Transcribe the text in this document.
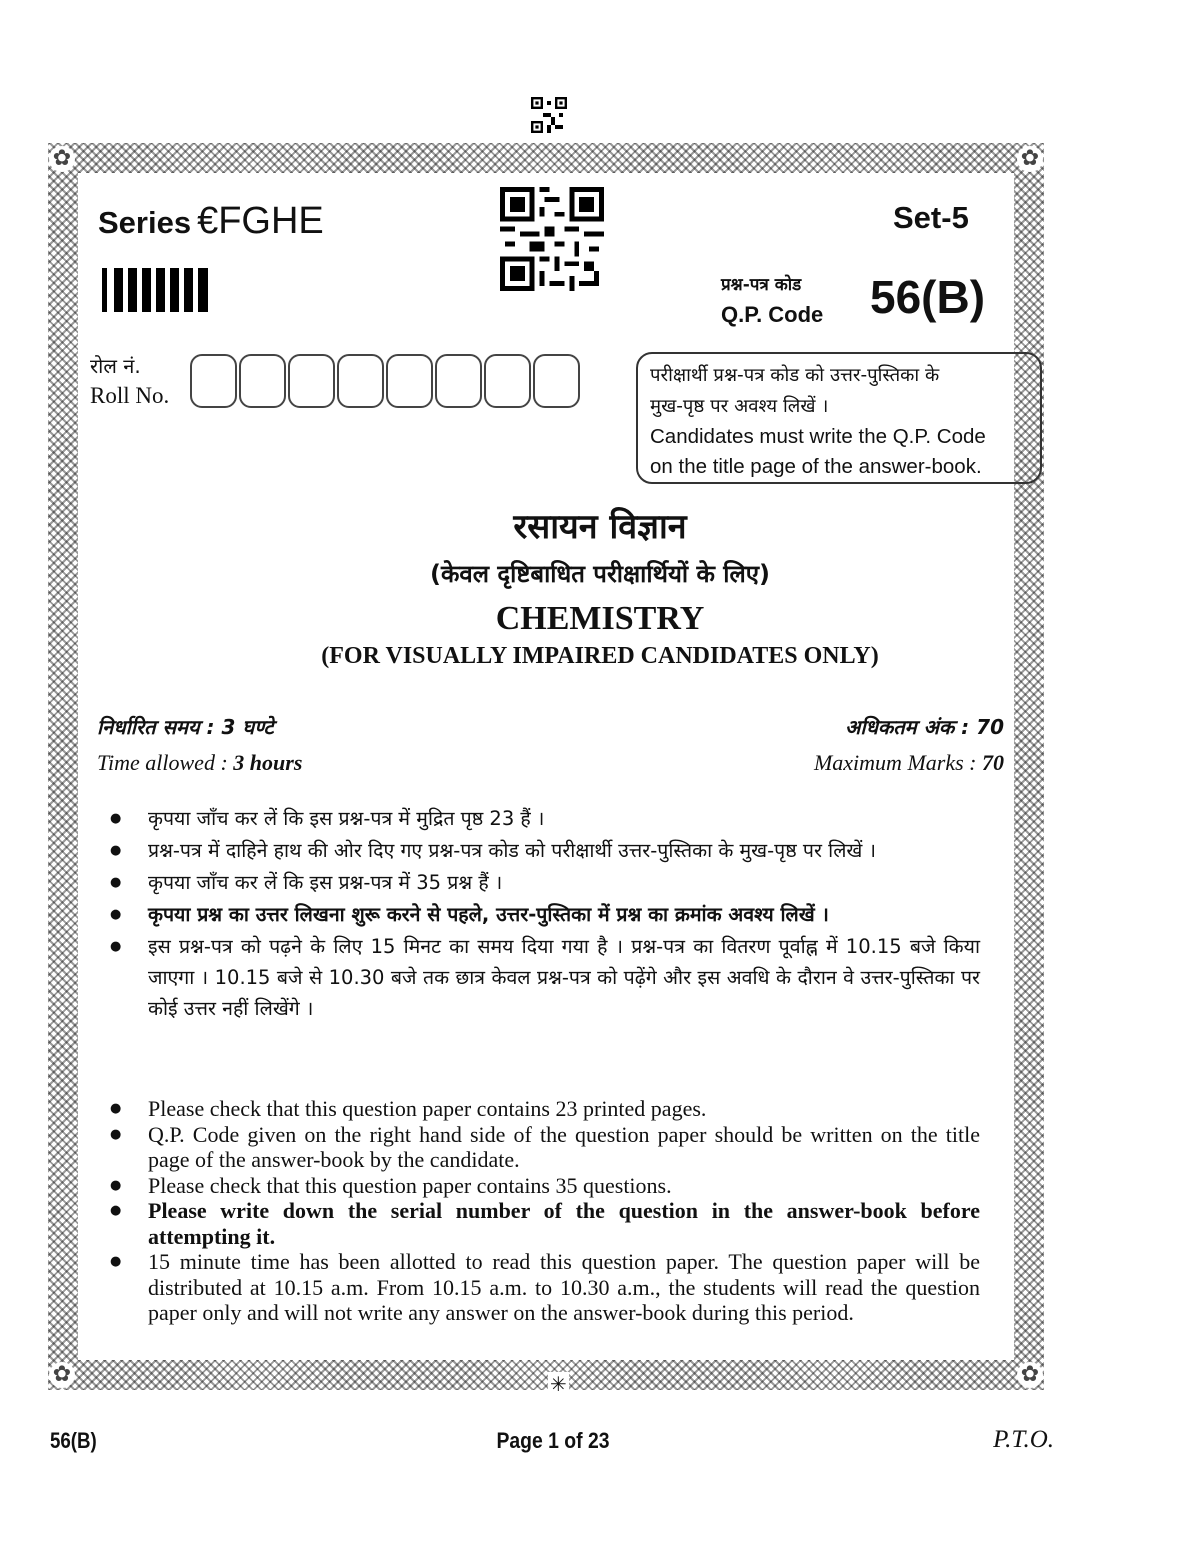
✿	✿
✿	✿
✳
Series €FGHE	Set-5
प्रश्न-पत्र कोड
Q.P. Code 56(B)
रोल नं.
Roll No.
परीक्षार्थी प्रश्न-पत्र कोड को उत्तर-पुस्तिका के
मुख-पृष्ठ पर अवश्य लिखें ।
Candidates must write the Q.P. Code
on the title page of the answer-book.
रसायन विज्ञान
(केवल दृष्टिबाधित परीक्षार्थियों के लिए)
CHEMISTRY
(FOR VISUALLY IMPAIRED CANDIDATES ONLY)
निर्धारित समय : 3 घण्टे
Time allowed : 3 hours
अधिकतम अंक : 70
Maximum Marks : 70
● कृपया जाँच कर लें कि इस प्रश्न-पत्र में मुद्रित पृष्ठ 23 हैं ।
● प्रश्न-पत्र में दाहिने हाथ की ओर दिए गए प्रश्न-पत्र कोड को परीक्षार्थी उत्तर-पुस्तिका के मुख-पृष्ठ पर लिखें ।
● कृपया जाँच कर लें कि इस प्रश्न-पत्र में 35 प्रश्न हैं ।
● कृपया प्रश्न का उत्तर लिखना शुरू करने से पहले, उत्तर-पुस्तिका में प्रश्न का क्रमांक अवश्य लिखें ।
● इस प्रश्न-पत्र को पढ़ने के लिए 15 मिनट का समय दिया गया है । प्रश्न-पत्र का वितरण पूर्वाह्न में 10.15 बजे किया जाएगा । 10.15 बजे से 10.30 बजे तक छात्र केवल प्रश्न-पत्र को पढ़ेंगे और इस अवधि के दौरान वे उत्तर-पुस्तिका पर कोई उत्तर नहीं लिखेंगे ।
● Please check that this question paper contains 23 printed pages.
● Q.P. Code given on the right hand side of the question paper should be written on the title page of the answer-book by the candidate.
● Please check that this question paper contains 35 questions.
● Please write down the serial number of the question in the answer-book before attempting it.
● 15 minute time has been allotted to read this question paper. The question paper will be distributed at 10.15 a.m. From 10.15 a.m. to 10.30 a.m., the students will read the question paper only and will not write any answer on the answer-book during this period.
56(B)	Page 1 of 23	P.T.O.
